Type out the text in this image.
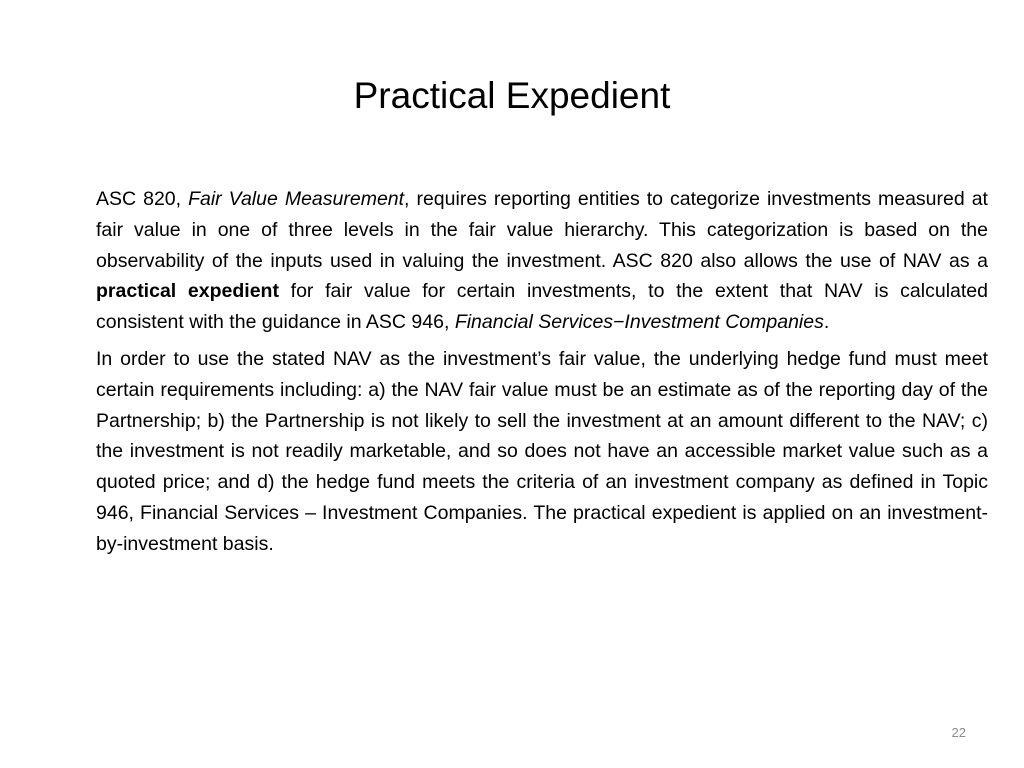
Practical Expedient

ASC 820, Fair Value Measurement, requires reporting entities to categorize investments measured at fair value in one of three levels in the fair value hierarchy. This categorization is based on the observability of the inputs used in valuing the investment. ASC 820 also allows the use of NAV as a practical expedient for fair value for certain investments, to the extent that NAV is calculated consistent with the guidance in ASC 946, Financial Services−Investment Companies.

In order to use the stated NAV as the investment’s fair value, the underlying hedge fund must meet certain requirements including: a) the NAV fair value must be an estimate as of the reporting day of the Partnership; b) the Partnership is not likely to sell the investment at an amount different to the NAV; c) the investment is not readily marketable, and so does not have an accessible market value such as a quoted price; and d) the hedge fund meets the criteria of an investment company as defined in Topic 946, Financial Services – Investment Companies. The practical expedient is applied on an investment-by-investment basis.

22
